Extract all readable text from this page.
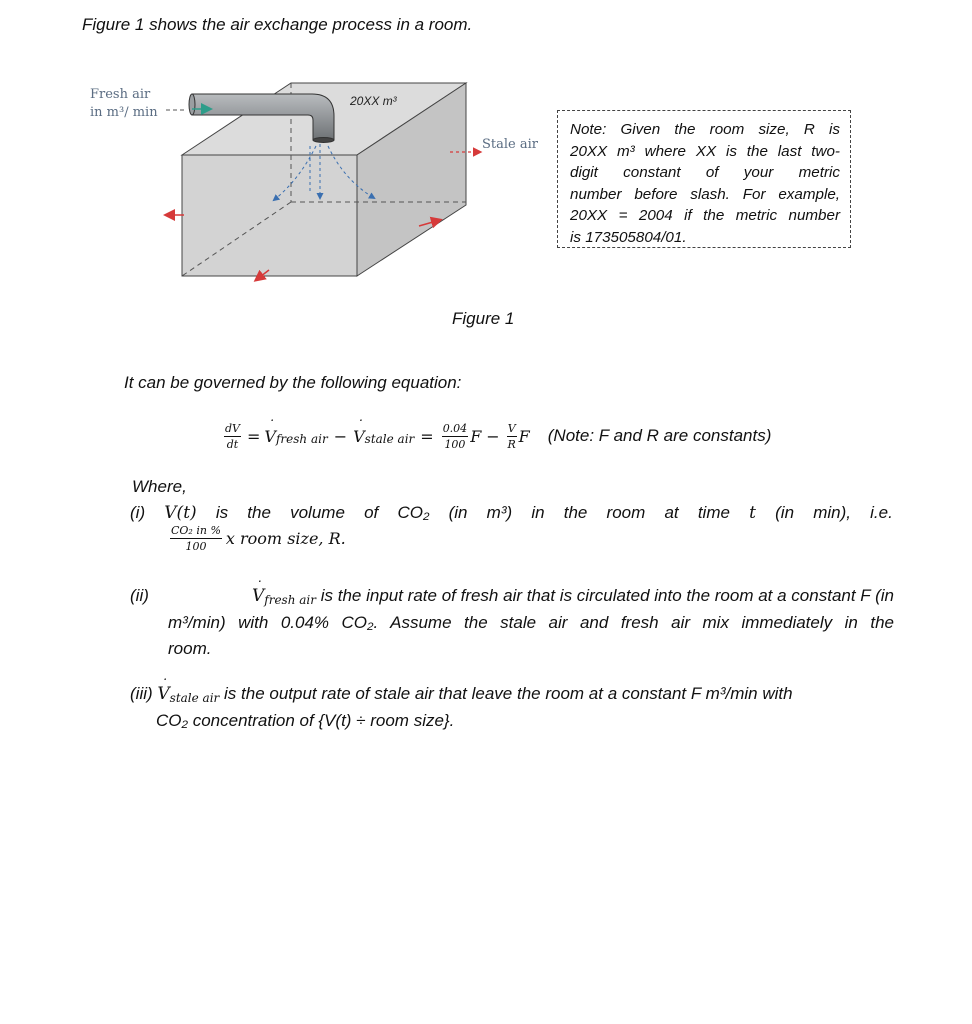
Figure 1 shows the air exchange process in a room.
Fresh air
in m³/ min
20XX m³
Stale air
Note: Given the room size, R is
20XX m³ where XX is the last two-
digit constant of your metric
number before slash. For example,
20XX = 2004 if the metric number
is 173505804/01.
Figure 1
It can be governed by the following equation:
$\frac{dV}{dt}$ = ˙ V fresh air − ˙ V stale air = $\frac{0.04}{100}$ $F - \frac{V}{R}$ F (Note: F and R are constants)
Where,
(i) V(t) is the volume of CO₂ (in m³) in the room at time t (in min), i.e.
$\frac{\text{CO₂ in \%}}{100}$ x room size, R.
(ii)	˙ Vfresh air is the input rate of fresh air that is circulated into the room at a constant F (in
m³/min) with 0.04% CO₂. Assume the stale air and fresh air mix immediately in the
room.
(iii) ˙ Vstale air is the output rate of stale air that leave the room at a constant F m³/min with
CO₂ concentration of {V(t) ÷ room size}.
